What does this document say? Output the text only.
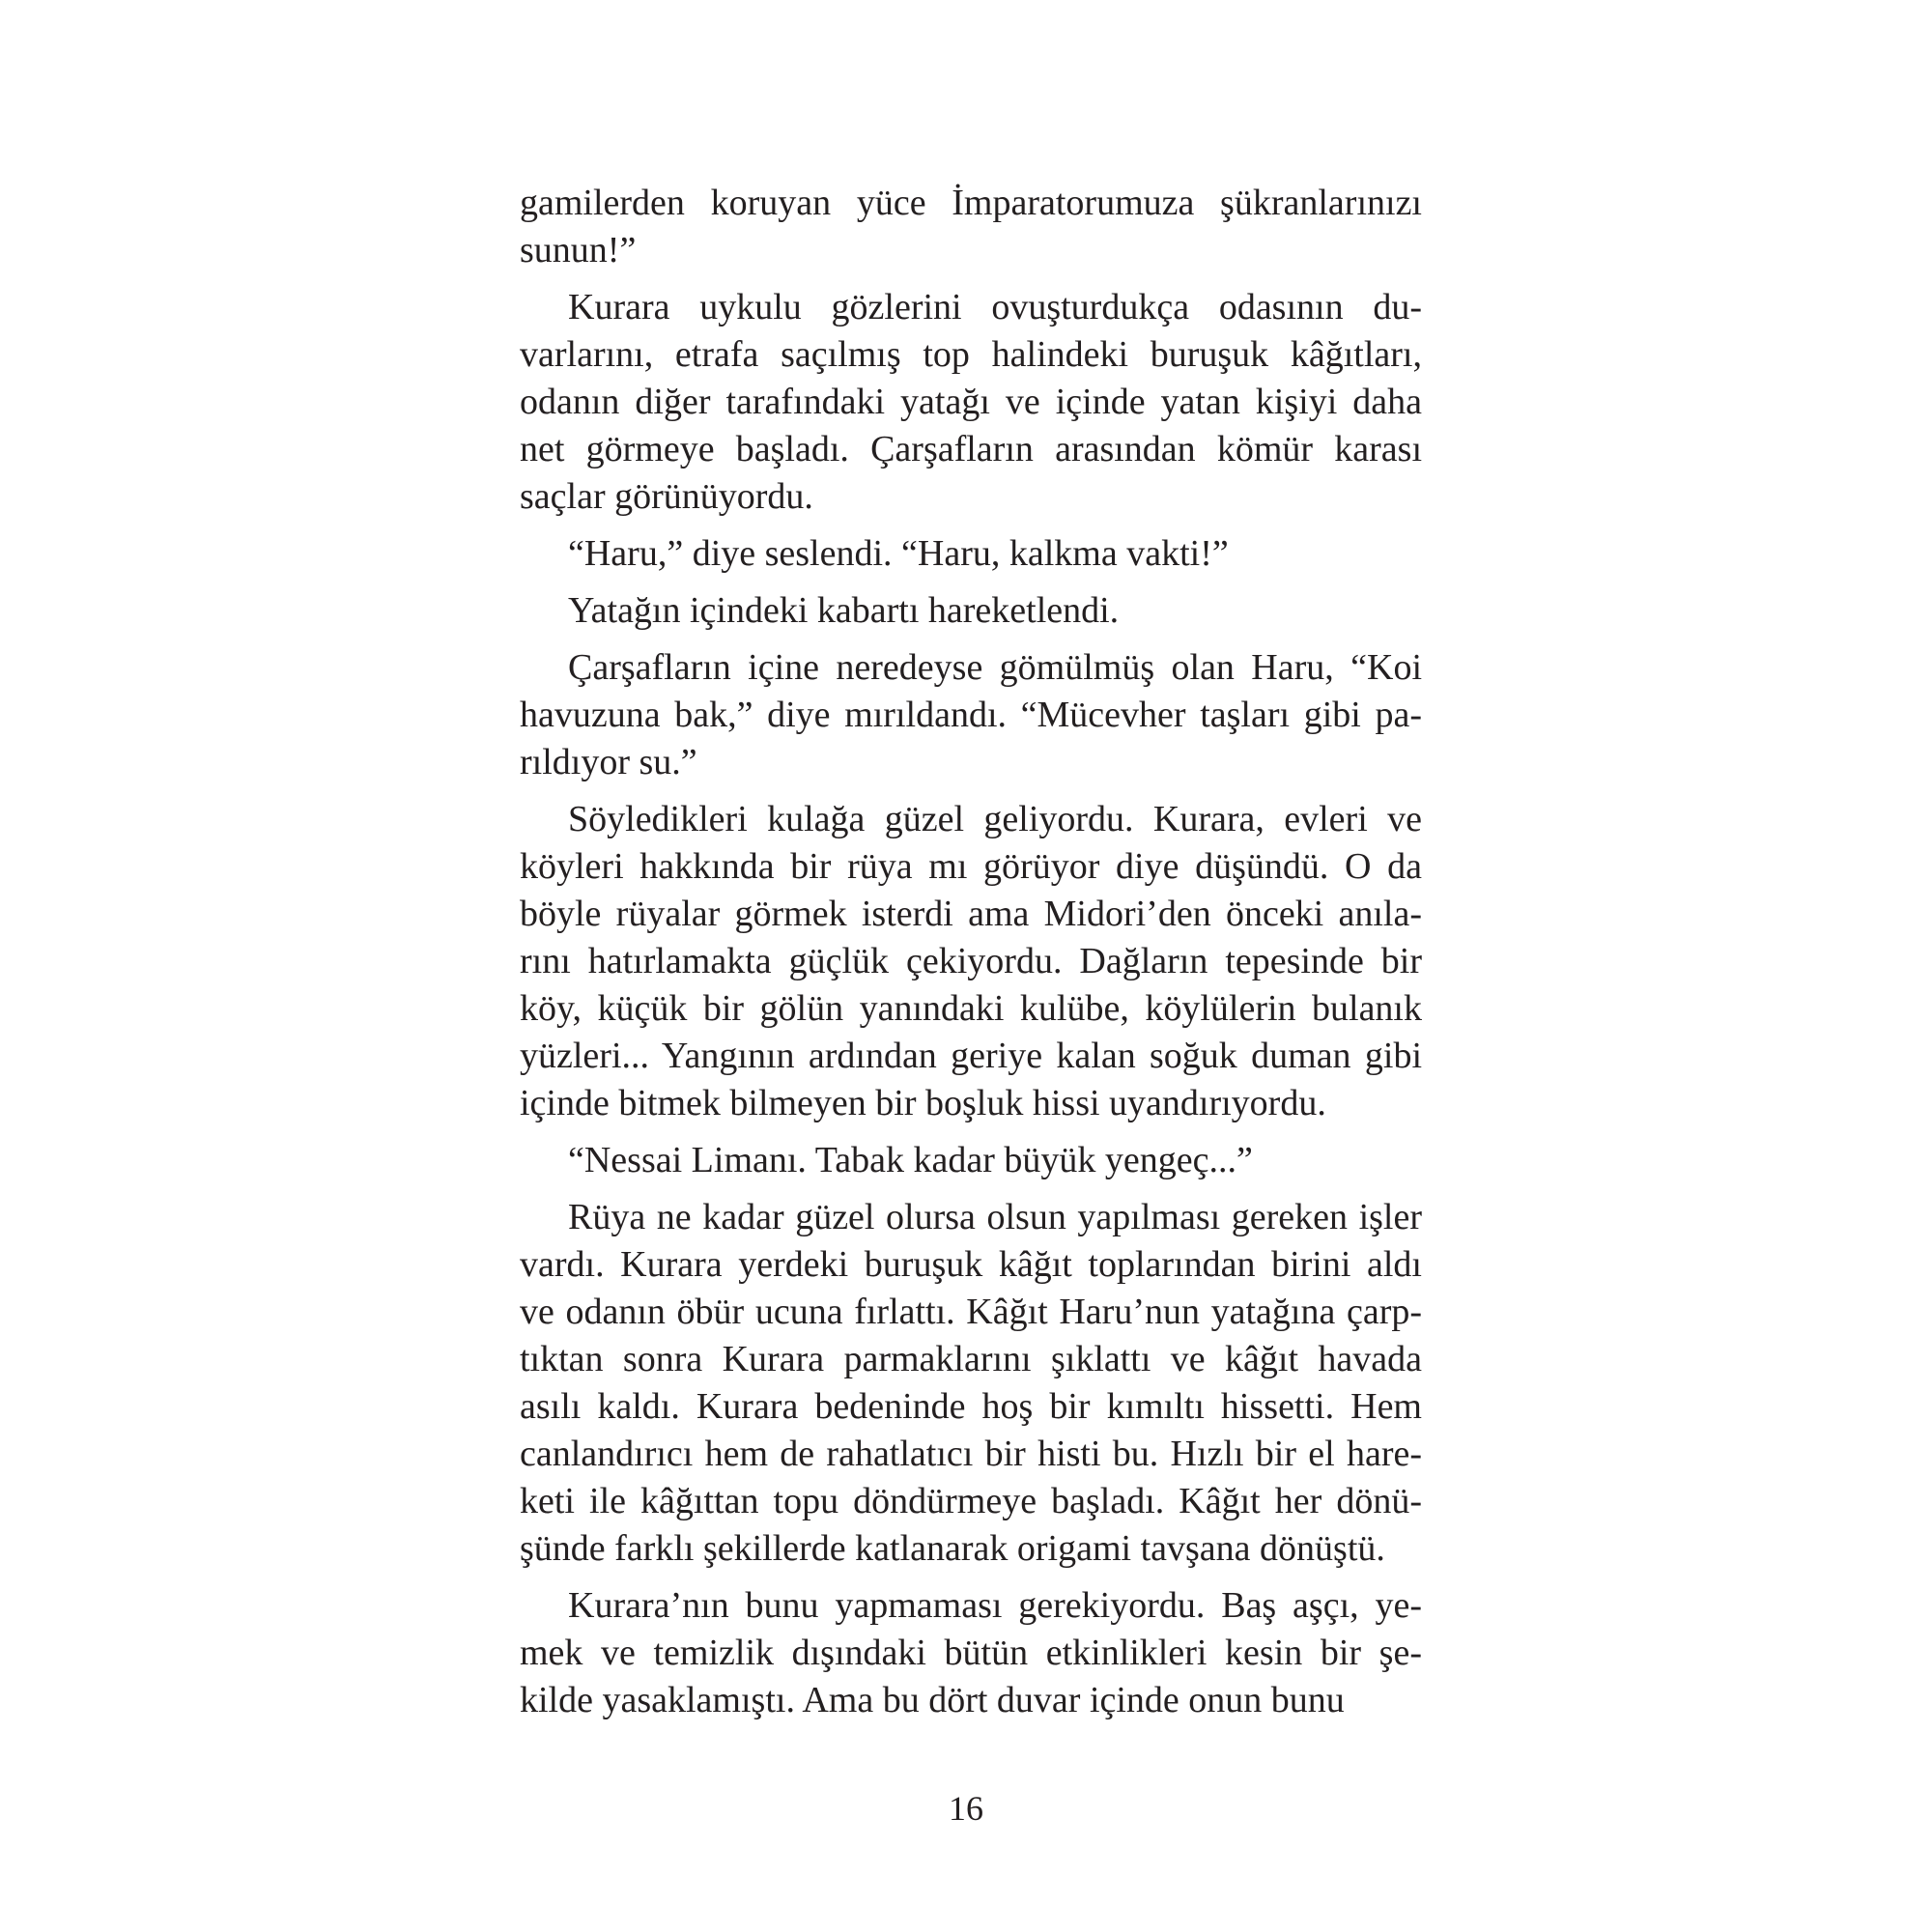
gamilerden koruyan yüce İmparatorumuza şükranlarınızı
sunun!”

Kurara uykulu gözlerini ovuşturdukça odasının du-
varlarını, etrafa saçılmış top halindeki buruşuk kâğıtları,
odanın diğer tarafındaki yatağı ve içinde yatan kişiyi daha
net görmeye başladı. Çarşafların arasından kömür karası
saçlar görünüyordu.

“Haru,” diye seslendi. “Haru, kalkma vakti!”

Yatağın içindeki kabartı hareketlendi.

Çarşafların içine neredeyse gömülmüş olan Haru, “Koi
havuzuna bak,” diye mırıldandı. “Mücevher taşları gibi pa-
rıldıyor su.”

Söyledikleri kulağa güzel geliyordu. Kurara, evleri ve
köyleri hakkında bir rüya mı görüyor diye düşündü. O da
böyle rüyalar görmek isterdi ama Midori’den önceki anıla-
rını hatırlamakta güçlük çekiyordu. Dağların tepesinde bir
köy, küçük bir gölün yanındaki kulübe, köylülerin bulanık
yüzleri... Yangının ardından geriye kalan soğuk duman gibi
içinde bitmek bilmeyen bir boşluk hissi uyandırıyordu.

“Nessai Limanı. Tabak kadar büyük yengeç...”

Rüya ne kadar güzel olursa olsun yapılması gereken işler
vardı. Kurara yerdeki buruşuk kâğıt toplarından birini aldı
ve odanın öbür ucuna fırlattı. Kâğıt Haru’nun yatağına çarp-
tıktan sonra Kurara parmaklarını şıklattı ve kâğıt havada
asılı kaldı. Kurara bedeninde hoş bir kımıltı hissetti. Hem
canlandırıcı hem de rahatlatıcı bir histi bu. Hızlı bir el hare-
keti ile kâğıttan topu döndürmeye başladı. Kâğıt her dönü-
şünde farklı şekillerde katlanarak origami tavşana dönüştü.

Kurara’nın bunu yapmaması gerekiyordu. Baş aşçı, ye-
mek ve temizlik dışındaki bütün etkinlikleri kesin bir şe-
kilde yasaklamıştı. Ama bu dört duvar içinde onun bunu

16
